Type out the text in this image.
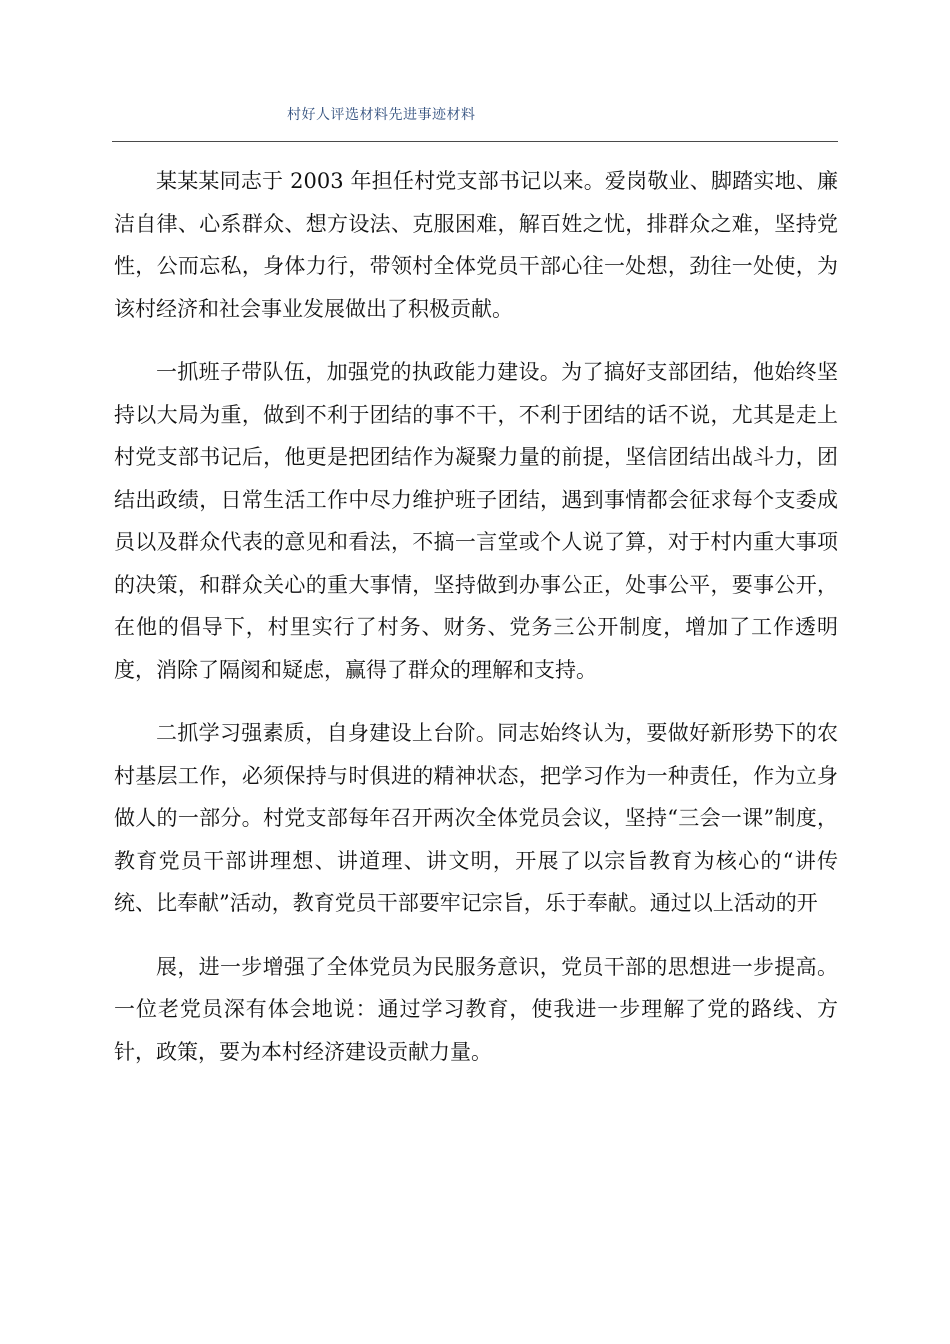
村好人评选材料先进事迹材料

某某某同志于 2003 年担任村党支部书记以来。爱岗敬业、脚踏实地、廉洁自律、心系群众、想方设法、克服困难，解百姓之忧，排群众之难，坚持党性，公而忘私，身体力行，带领村全体党员干部心往一处想，劲往一处使，为该村经济和社会事业发展做出了积极贡献。

一抓班子带队伍，加强党的执政能力建设。为了搞好支部团结，他始终坚持以大局为重，做到不利于团结的事不干，不利于团结的话不说，尤其是走上村党支部书记后，他更是把团结作为凝聚力量的前提，坚信团结出战斗力，团结出政绩，日常生活工作中尽力维护班子团结，遇到事情都会征求每个支委成员以及群众代表的意见和看法，不搞一言堂或个人说了算，对于村内重大事项的决策，和群众关心的重大事情，坚持做到办事公正，处事公平，要事公开，在他的倡导下，村里实行了村务、财务、党务三公开制度，增加了工作透明度，消除了隔阂和疑虑，赢得了群众的理解和支持。

二抓学习强素质，自身建设上台阶。同志始终认为，要做好新形势下的农村基层工作，必须保持与时俱进的精神状态，把学习作为一种责任，作为立身做人的一部分。村党支部每年召开两次全体党员会议，坚持“三会一课”制度，教育党员干部讲理想、讲道理、讲文明，开展了以宗旨教育为核心的“讲传统、比奉献”活动，教育党员干部要牢记宗旨，乐于奉献。通过以上活动的开

展，进一步增强了全体党员为民服务意识，党员干部的思想进一步提高。一位老党员深有体会地说：通过学习教育，使我进一步理解了党的路线、方针，政策，要为本村经济建设贡献力量。
